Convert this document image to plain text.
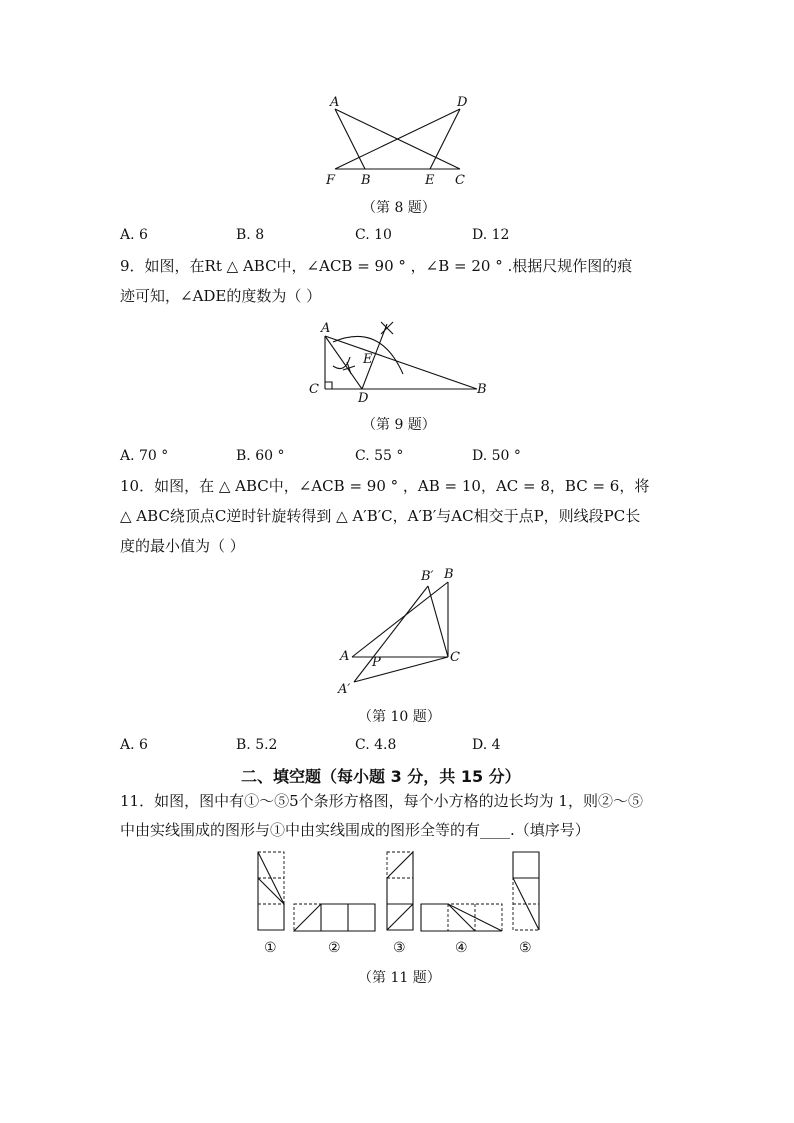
A	D
F B	E C
（第 8 题）
A. 6	B. 8	C. 10	D. 12
9．如图，在Rt △ ABC中，∠ACB = 90 ° ，∠B = 20 ° .根据尺规作图的痕
迹可知，∠ADE的度数为（ ）
A
E
C
D
B
（第 9 题）
A. 70 °	B. 60 °	C. 55 °	D. 50 °
10．如图，在 △ ABC中，∠ACB = 90 ° ，AB = 10，AC = 8，BC = 6，将
△ ABC绕顶点C逆时针旋转得到 △ A′B′C，A′B′与AC相交于点P，则线段PC长
度的最小值为（ ）
B′ B
A P	C
A′
（第 10 题）
A. 6	B. 5.2	C. 4.8	D. 4
二、填空题（每小题 3 分，共 15 分）
11．如图，图中有①～⑤5个条形方格图，每个小方格的边长均为 1，则②～⑤
中由实线围成的图形与①中由实线围成的图形全等的有____.（填序号）
①	②	③	④	⑤
（第 11 题）
